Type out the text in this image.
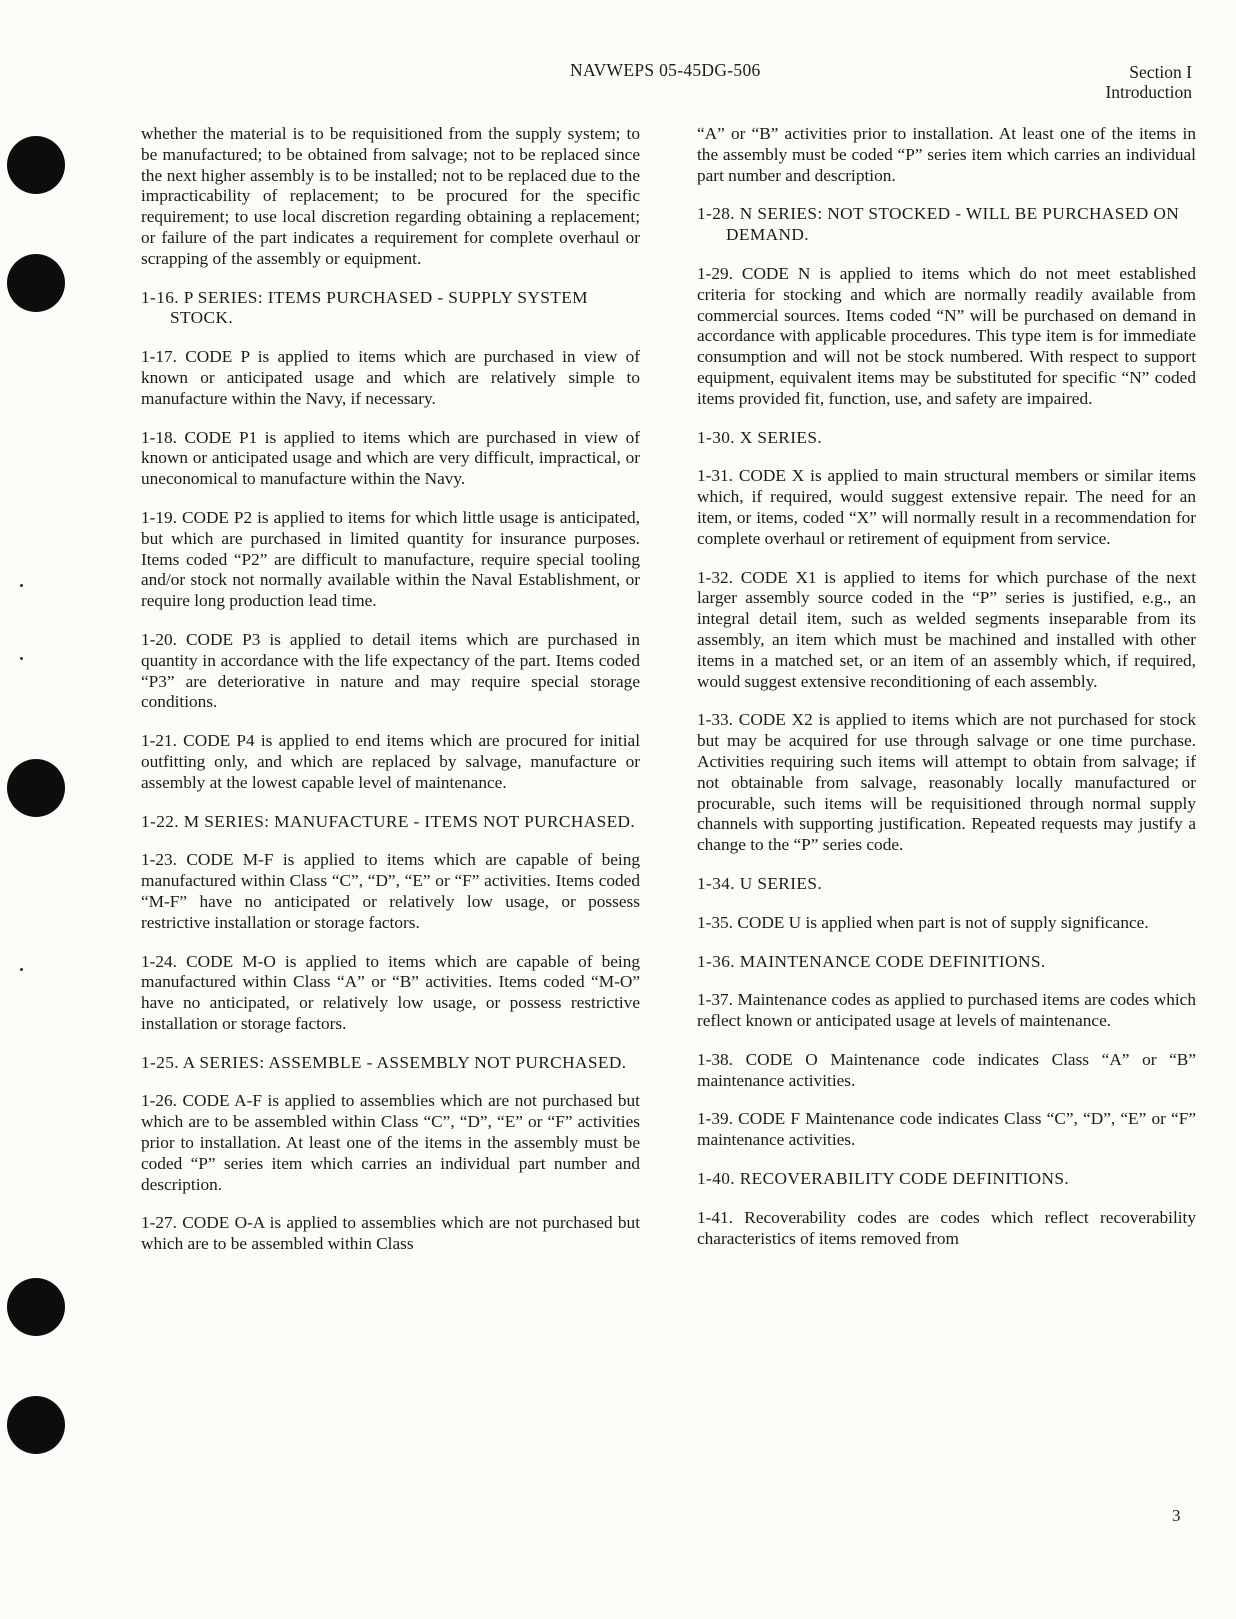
NAVWEPS 05-45DG-506	Section I
Introduction
whether the material is to be requisitioned from the supply system; to be manufactured; to be obtained from salvage; not to be replaced since the next higher assembly is to be installed; not to be replaced due to the impracticability of replacement; to be procured for the specific requirement; to use local discretion regarding obtaining a replacement; or failure of the part indicates a requirement for complete overhaul or scrapping of the assembly or equipment.
1-16. P SERIES: ITEMS PURCHASED - SUPPLY SYSTEM STOCK.
1-17. CODE P is applied to items which are purchased in view of known or anticipated usage and which are relatively simple to manufacture within the Navy, if necessary.
1-18. CODE P1 is applied to items which are purchased in view of known or anticipated usage and which are very difficult, impractical, or uneconomical to manufacture within the Navy.
1-19. CODE P2 is applied to items for which little usage is anticipated, but which are purchased in limited quantity for insurance purposes. Items coded “P2” are difficult to manufacture, require special tooling and/or stock not normally available within the Naval Establishment, or require long production lead time.
1-20. CODE P3 is applied to detail items which are purchased in quantity in accordance with the life expectancy of the part. Items coded “P3” are deteriorative in nature and may require special storage conditions.
1-21. CODE P4 is applied to end items which are procured for initial outfitting only, and which are replaced by salvage, manufacture or assembly at the lowest capable level of maintenance.
1-22. M SERIES: MANUFACTURE - ITEMS NOT PURCHASED.
1-23. CODE M-F is applied to items which are capable of being manufactured within Class “C”, “D”, “E” or “F” activities. Items coded “M-F” have no anticipated or relatively low usage, or possess restrictive installation or storage factors.
1-24. CODE M-O is applied to items which are capable of being manufactured within Class “A” or “B” activities. Items coded “M-O” have no anticipated, or relatively low usage, or possess restrictive installation or storage factors.
1-25. A SERIES: ASSEMBLE - ASSEMBLY NOT PURCHASED.
1-26. CODE A-F is applied to assemblies which are not purchased but which are to be assembled within Class “C”, “D”, “E” or “F” activities prior to installation. At least one of the items in the assembly must be coded “P” series item which carries an individual part number and description.
1-27. CODE O-A is applied to assemblies which are not purchased but which are to be assembled within Class
“A” or “B” activities prior to installation. At least one of the items in the assembly must be coded “P” series item which carries an individual part number and description.
1-28. N SERIES: NOT STOCKED - WILL BE PURCHASED ON DEMAND.
1-29. CODE N is applied to items which do not meet established criteria for stocking and which are normally readily available from commercial sources. Items coded “N” will be purchased on demand in accordance with applicable procedures. This type item is for immediate consumption and will not be stock numbered. With respect to support equipment, equivalent items may be substituted for specific “N” coded items provided fit, function, use, and safety are impaired.
1-30. X SERIES.
1-31. CODE X is applied to main structural members or similar items which, if required, would suggest extensive repair. The need for an item, or items, coded “X” will normally result in a recommendation for complete overhaul or retirement of equipment from service.
1-32. CODE X1 is applied to items for which purchase of the next larger assembly source coded in the “P” series is justified, e.g., an integral detail item, such as welded segments inseparable from its assembly, an item which must be machined and installed with other items in a matched set, or an item of an assembly which, if required, would suggest extensive reconditioning of each assembly.
1-33. CODE X2 is applied to items which are not purchased for stock but may be acquired for use through salvage or one time purchase. Activities requiring such items will attempt to obtain from salvage; if not obtainable from salvage, reasonably locally manufactured or procurable, such items will be requisitioned through normal supply channels with supporting justification. Repeated requests may justify a change to the “P” series code.
1-34. U SERIES.
1-35. CODE U is applied when part is not of supply significance.
1-36. MAINTENANCE CODE DEFINITIONS.
1-37. Maintenance codes as applied to purchased items are codes which reflect known or anticipated usage at levels of maintenance.
1-38. CODE O Maintenance code indicates Class “A” or “B” maintenance activities.
1-39. CODE F Maintenance code indicates Class “C”, “D”, “E” or “F” maintenance activities.
1-40. RECOVERABILITY CODE DEFINITIONS.
1-41. Recoverability codes are codes which reflect recoverability characteristics of items removed from
3
